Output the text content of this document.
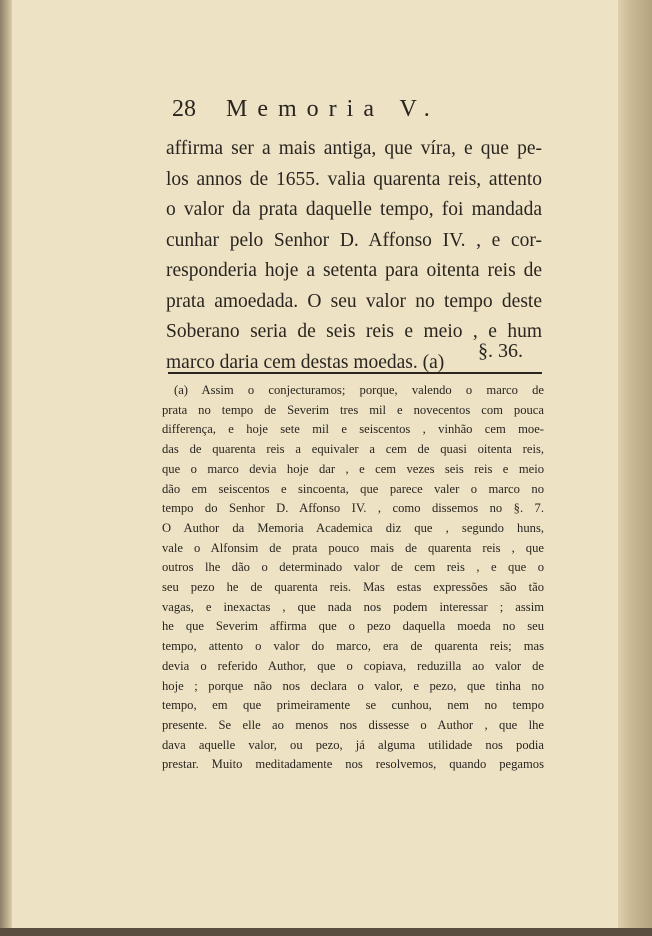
28 Memoria V.
affirma ser a mais antiga, que víra, e que pe-
los annos de 1655. valia quarenta reis, attento
o valor da prata daquelle tempo, foi mandada
cunhar pelo Senhor D. Affonso IV. , e cor-
responderia hoje a setenta para oitenta reis de
prata amoedada. O seu valor no tempo deste
Soberano seria de seis reis e meio , e hum
marco daria cem destas moedas. (a)	§. 36.
(a) Assim o conjecturamos; porque, valendo o marco de
prata no tempo de Severim tres mil e novecentos com pouca
differença, e hoje sete mil e seiscentos , vinhão cem moe-
das de quarenta reis a equivaler a cem de quasi oitenta reis,
que o marco devia hoje dar , e cem vezes seis reis e meio
dão em seiscentos e sincoenta, que parece valer o marco no
tempo do Senhor D. Affonso IV. , como dissemos no §. 7.
O Author da Memoria Academica diz que , segundo huns,
vale o Alfonsim de prata pouco mais de quarenta reis , que
outros lhe dão o determinado valor de cem reis , e que o
seu pezo he de quarenta reis. Mas estas expressões são tão
vagas, e inexactas , que nada nos podem interessar ; assim
he que Severim affirma que o pezo daquella moeda no seu
tempo, attento o valor do marco, era de quarenta reis; mas
devia o referido Author, que o copiava, reduzilla ao valor de
hoje ; porque não nos declara o valor, e pezo, que tinha no
tempo, em que primeiramente se cunhou, nem no tempo
presente. Se elle ao menos nos dissesse o Author , que lhe
dava aquelle valor, ou pezo, já alguma utilidade nos podia
prestar. Muito meditadamente nos resolvemos, quando pegamos
